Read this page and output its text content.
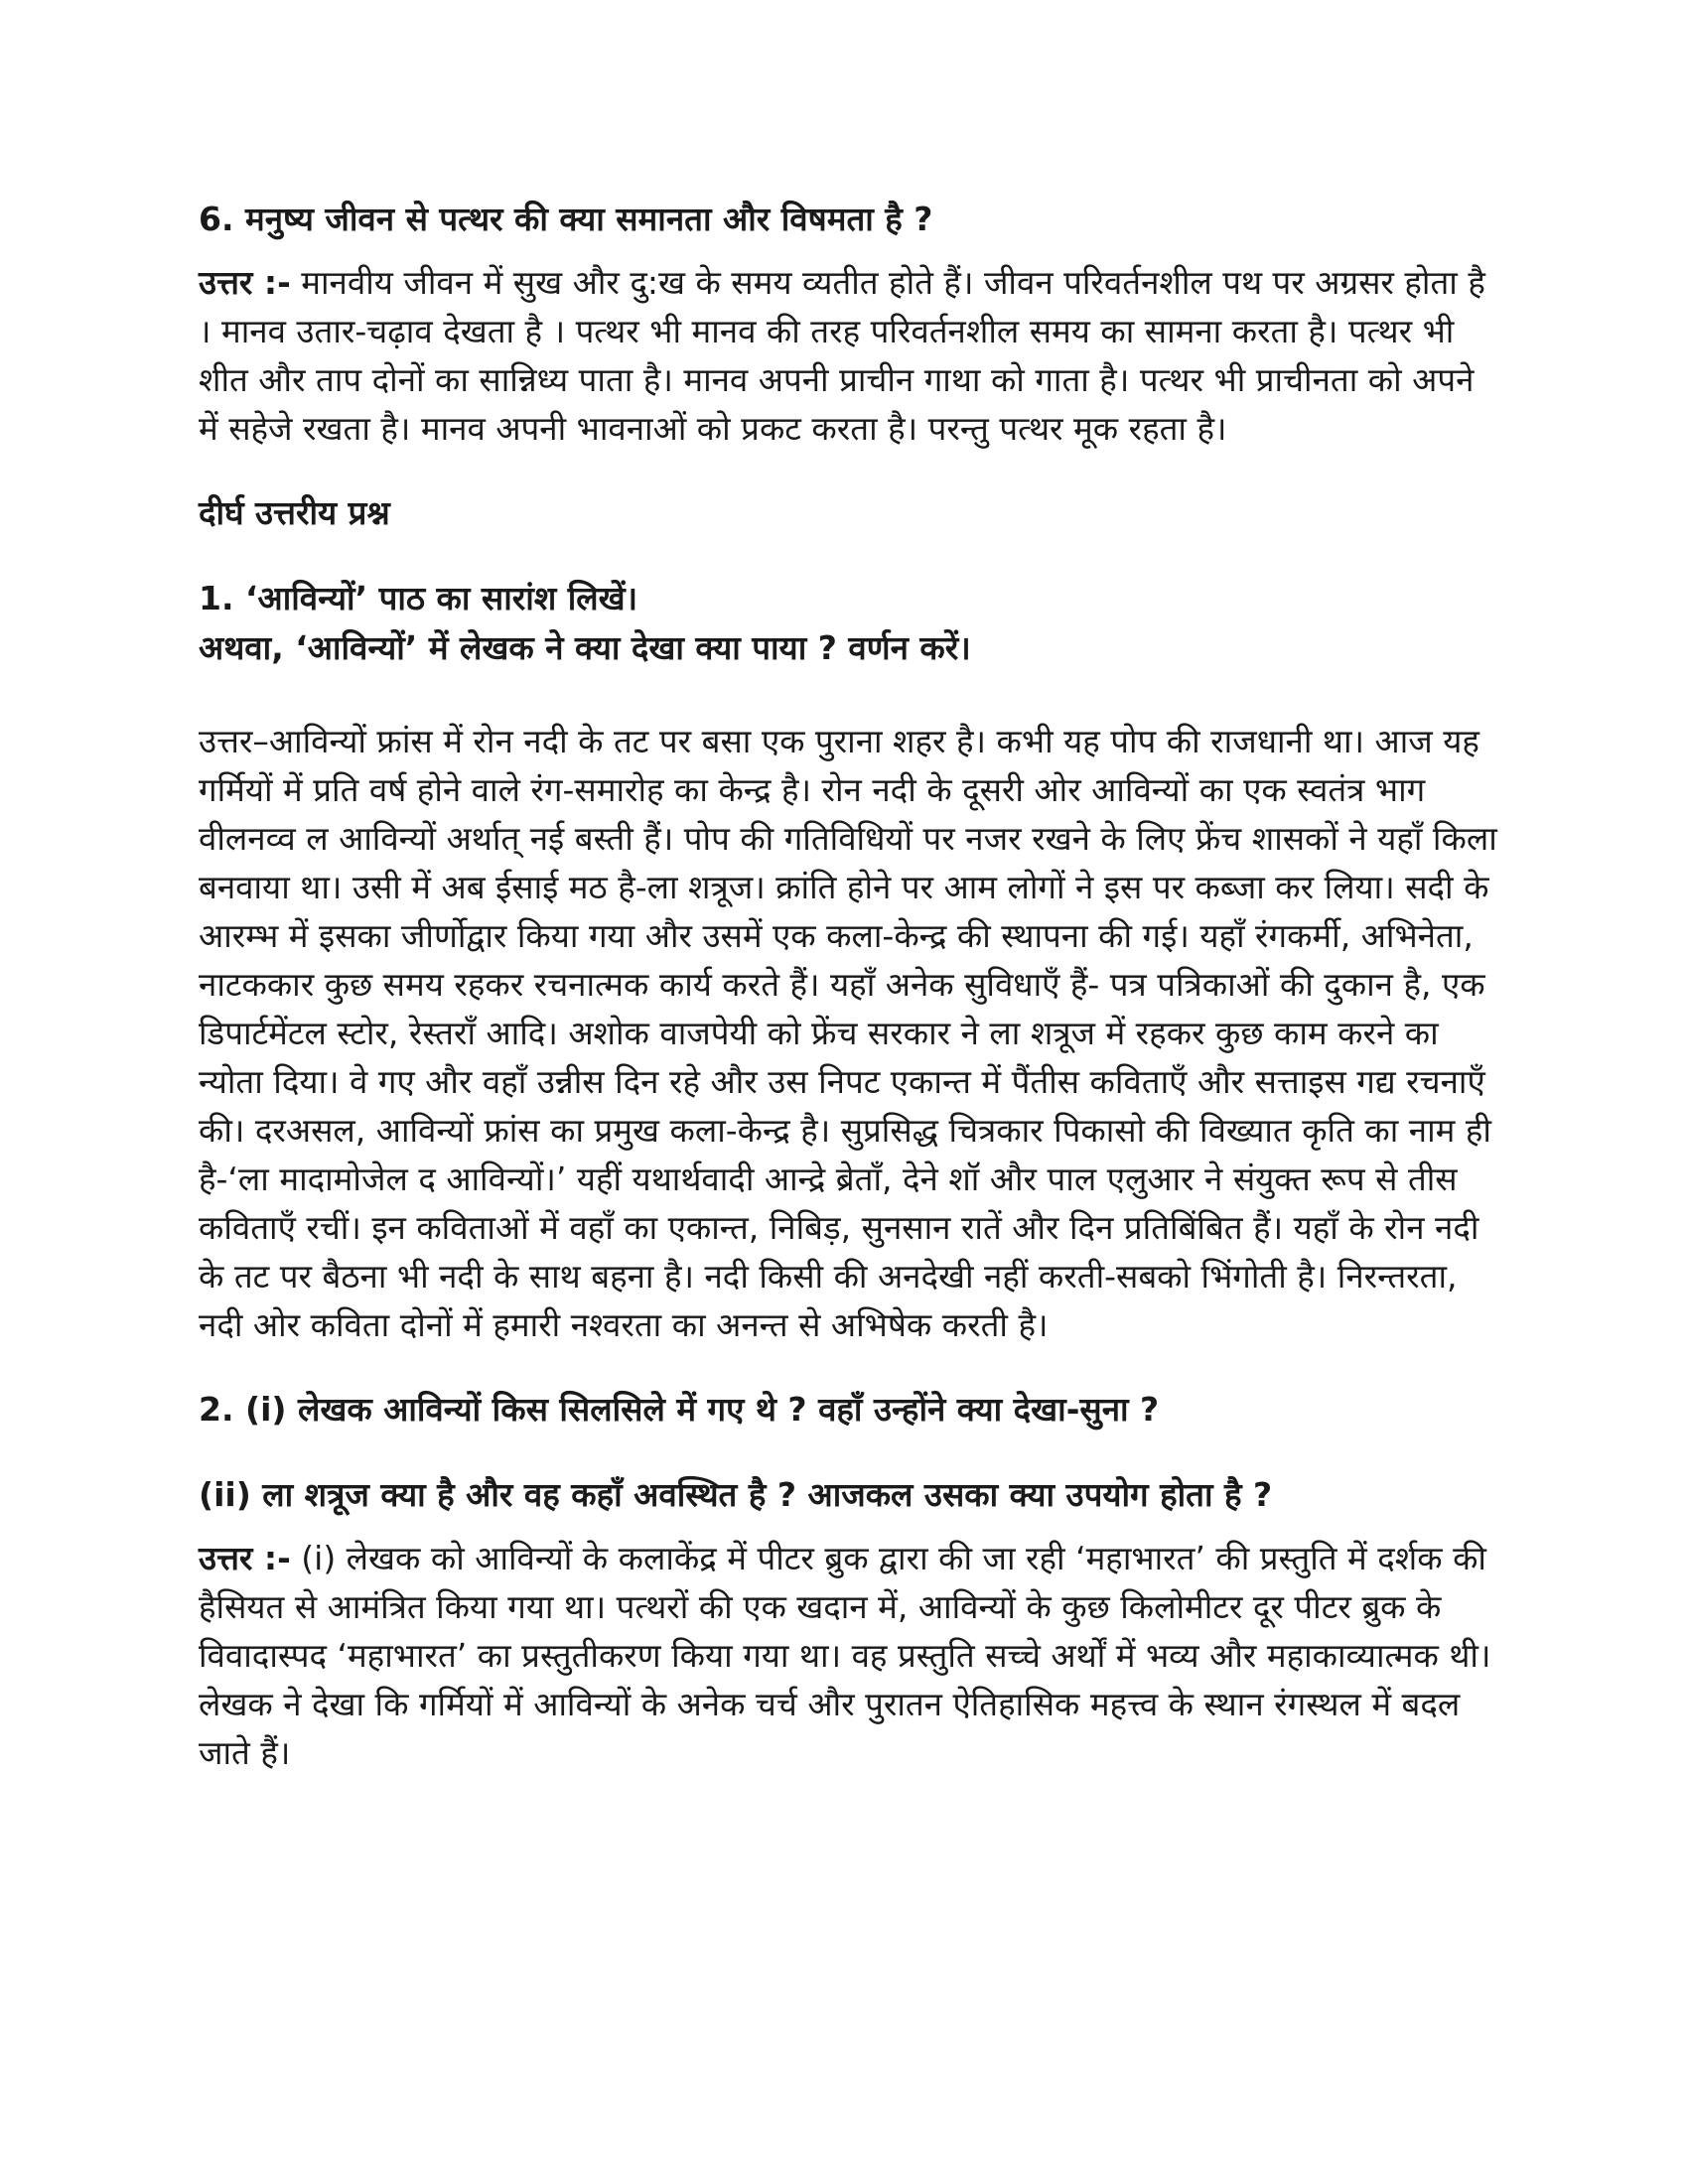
6. मनुष्य जीवन से पत्थर की क्या समानता और विषमता है ?

उत्तर :- मानवीय जीवन में सुख और दु:ख के समय व्यतीत होते हैं। जीवन परिवर्तनशील पथ पर अग्रसर होता है । मानव उतार-चढ़ाव देखता है । पत्थर भी मानव की तरह परिवर्तनशील समय का सामना करता है। पत्थर भी शीत और ताप दोनों का सान्निध्य पाता है। मानव अपनी प्राचीन गाथा को गाता है। पत्थर भी प्राचीनता को अपने में सहेजे रखता है। मानव अपनी भावनाओं को प्रकट करता है। परन्तु पत्थर मूक रहता है।

दीर्घ उत्तरीय प्रश्न

1. ‘आविन्यों’ पाठ का सारांश लिखें।

अथवा, ‘आविन्यों’ में लेखक ने क्या देखा क्या पाया ? वर्णन करें।

उत्तर–आविन्यों फ्रांस में रोन नदी के तट पर बसा एक पुराना शहर है। कभी यह पोप की राजधानी था। आज यह गर्मियों में प्रति वर्ष होने वाले रंग-समारोह का केन्द्र है। रोन नदी के दूसरी ओर आविन्यों का एक स्वतंत्र भाग वीलनव्व ल आविन्यों अर्थात् नई बस्ती हैं। पोप की गतिविधियों पर नजर रखने के लिए फ्रेंच शासकों ने यहाँ किला बनवाया था। उसी में अब ईसाई मठ है-ला शत्रूज। क्रांति होने पर आम लोगों ने इस पर कब्जा कर लिया। सदी के आरम्भ में इसका जीर्णोद्वार किया गया और उसमें एक कला-केन्द्र की स्थापना की गई। यहाँ रंगकर्मी, अभिनेता, नाटककार कुछ समय रहकर रचनात्मक कार्य करते हैं। यहाँ अनेक सुविधाएँ हैं- पत्र पत्रिकाओं की दुकान है, एक डिपार्टमेंटल स्टोर, रेस्तराँ आदि। अशोक वाजपेयी को फ्रेंच सरकार ने ला शत्रूज में रहकर कुछ काम करने का न्योता दिया। वे गए और वहाँ उन्नीस दिन रहे और उस निपट एकान्त में पैंतीस कविताएँ और सत्ताइस गद्य रचनाएँ की। दरअसल, आविन्यों फ्रांस का प्रमुख कला-केन्द्र है। सुप्रसिद्ध चित्रकार पिकासो की विख्यात कृति का नाम ही है-‘ला मादामोजेल द आविन्यों।’ यहीं यथार्थवादी आन्द्रे ब्रेताँ, देने शॉ और पाल एलुआर ने संयुक्त रूप से तीस कविताएँ रचीं। इन कविताओं में वहाँ का एकान्त, निबिड़, सुनसान रातें और दिन प्रतिबिंबित हैं। यहाँ के रोन नदी के तट पर बैठना भी नदी के साथ बहना है। नदी किसी की अनदेखी नहीं करती-सबको भिंगोती है। निरन्तरता, नदी ओर कविता दोनों में हमारी नश्वरता का अनन्त से अभिषेक करती है।

2. (i) लेखक आविन्यों किस सिलसिले में गए थे ? वहाँ उन्होंने क्या देखा-सुना ?

(ii) ला शत्रूज क्या है और वह कहाँ अवस्थित है ? आजकल उसका क्या उपयोग होता है ?

उत्तर :- (i) लेखक को आविन्यों के कलाकेंद्र में पीटर ब्रुक द्वारा की जा रही ‘महाभारत’ की प्रस्तुति में दर्शक की हैसियत से आमंत्रित किया गया था। पत्थरों की एक खदान में, आविन्यों के कुछ किलोमीटर दूर पीटर ब्रुक के विवादास्पद ‘महाभारत’ का प्रस्तुतीकरण किया गया था। वह प्रस्तुति सच्चे अर्थों में भव्य और महाकाव्यात्मक थी। लेखक ने देखा कि गर्मियों में आविन्यों के अनेक चर्च और पुरातन ऐतिहासिक महत्त्व के स्थान रंगस्थल में बदल जाते हैं।
